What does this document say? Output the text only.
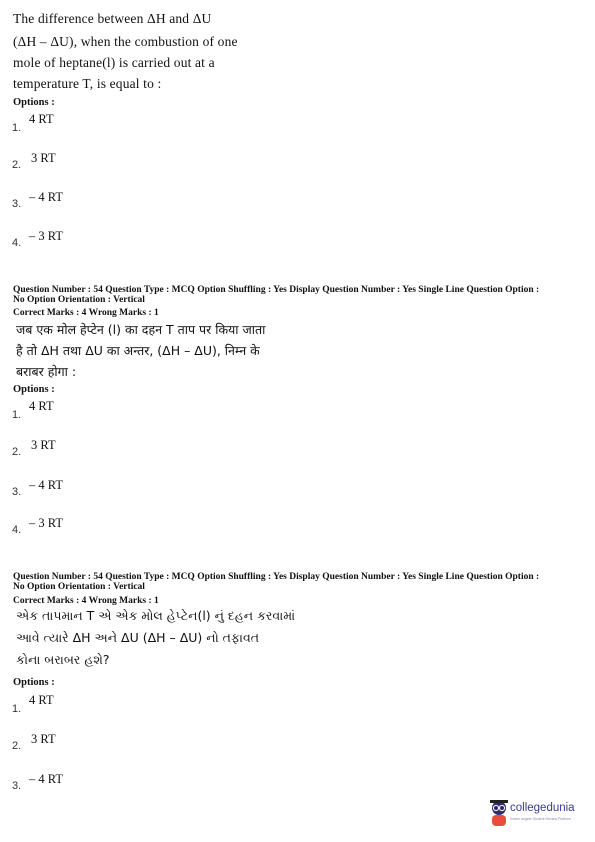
The difference between ΔH and ΔU
(ΔH – ΔU), when the combustion of one
mole of heptane(l) is carried out at a
temperature T, is equal to :
Options :
1.
4 RT
2. 3 RT
3. – 4 RT
4. – 3 RT
Question Number : 54 Question Type : MCQ Option Shuffling : Yes Display Question Number : Yes Single Line Question Option :
No Option Orientation : Vertical
Correct Marks : 4 Wrong Marks : 1
जब एक मोल हेप्टेन (l) का दहन T ताप पर किया जाता
है तो ΔH तथा ΔU का अन्तर, (ΔH – ΔU), निम्न के
बराबर होगा :
Options :
1.
4 RT
2. 3 RT
3. – 4 RT
4. – 3 RT
Question Number : 54 Question Type : MCQ Option Shuffling : Yes Display Question Number : Yes Single Line Question Option :
No Option Orientation : Vertical
Correct Marks : 4 Wrong Marks : 1
એક તાપમાન T એ એક મોલ હેપ્ટેન(l) નું દહન કરવામાં
આવે ત્યારે ΔH અને ΔU (ΔH – ΔU) નો તફાવત
કોના બરાબર હશે?
Options :
1.
4 RT
2. 3 RT
3. – 4 RT
collegedunia
India's largest Student Review Platform
